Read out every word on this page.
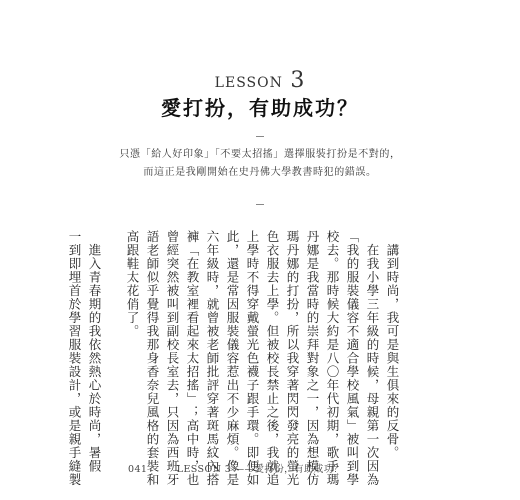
LESSON 3
愛打扮，有助成功？
只憑「給人好印象」「不要太招搖」選擇服裝打扮是不對的，
而這正是我剛開始在史丹佛大學教書時犯的錯誤。
　講到時尚，我可是與生俱來的反骨。
　在我小學三年級的時候，母親第一次因為
「我的服裝儀容不適合學校風氣」被叫到學
校去。那時候大約是八〇年代初期，歌手瑪
丹娜是我當時的崇拜對象之一，因為想模仿
瑪丹娜的打扮，所以我穿著閃閃發亮的螢光
色衣服去上學。但被校長禁止之後，我就追
上學時不得穿戴螢光色襪子跟手環。即便如
此，還是常因服裝儀容惹出不少麻煩。像是
六年級時，就曾被老師批評穿著斑馬紋內搭
褲「在教室裡看起來太招搖」；高中時，也
曾經突然被叫到副校長室去，只因為西班牙
語老師似乎覺得我那身香奈兒風格的套裝和
高跟鞋太花俏了。
　進入青春期的我依然熱心於時尚，暑假
一到即埋首於學習服裝設計，或是親手縫製	041	LESSON 3 ——愛打扮，有助成功？
